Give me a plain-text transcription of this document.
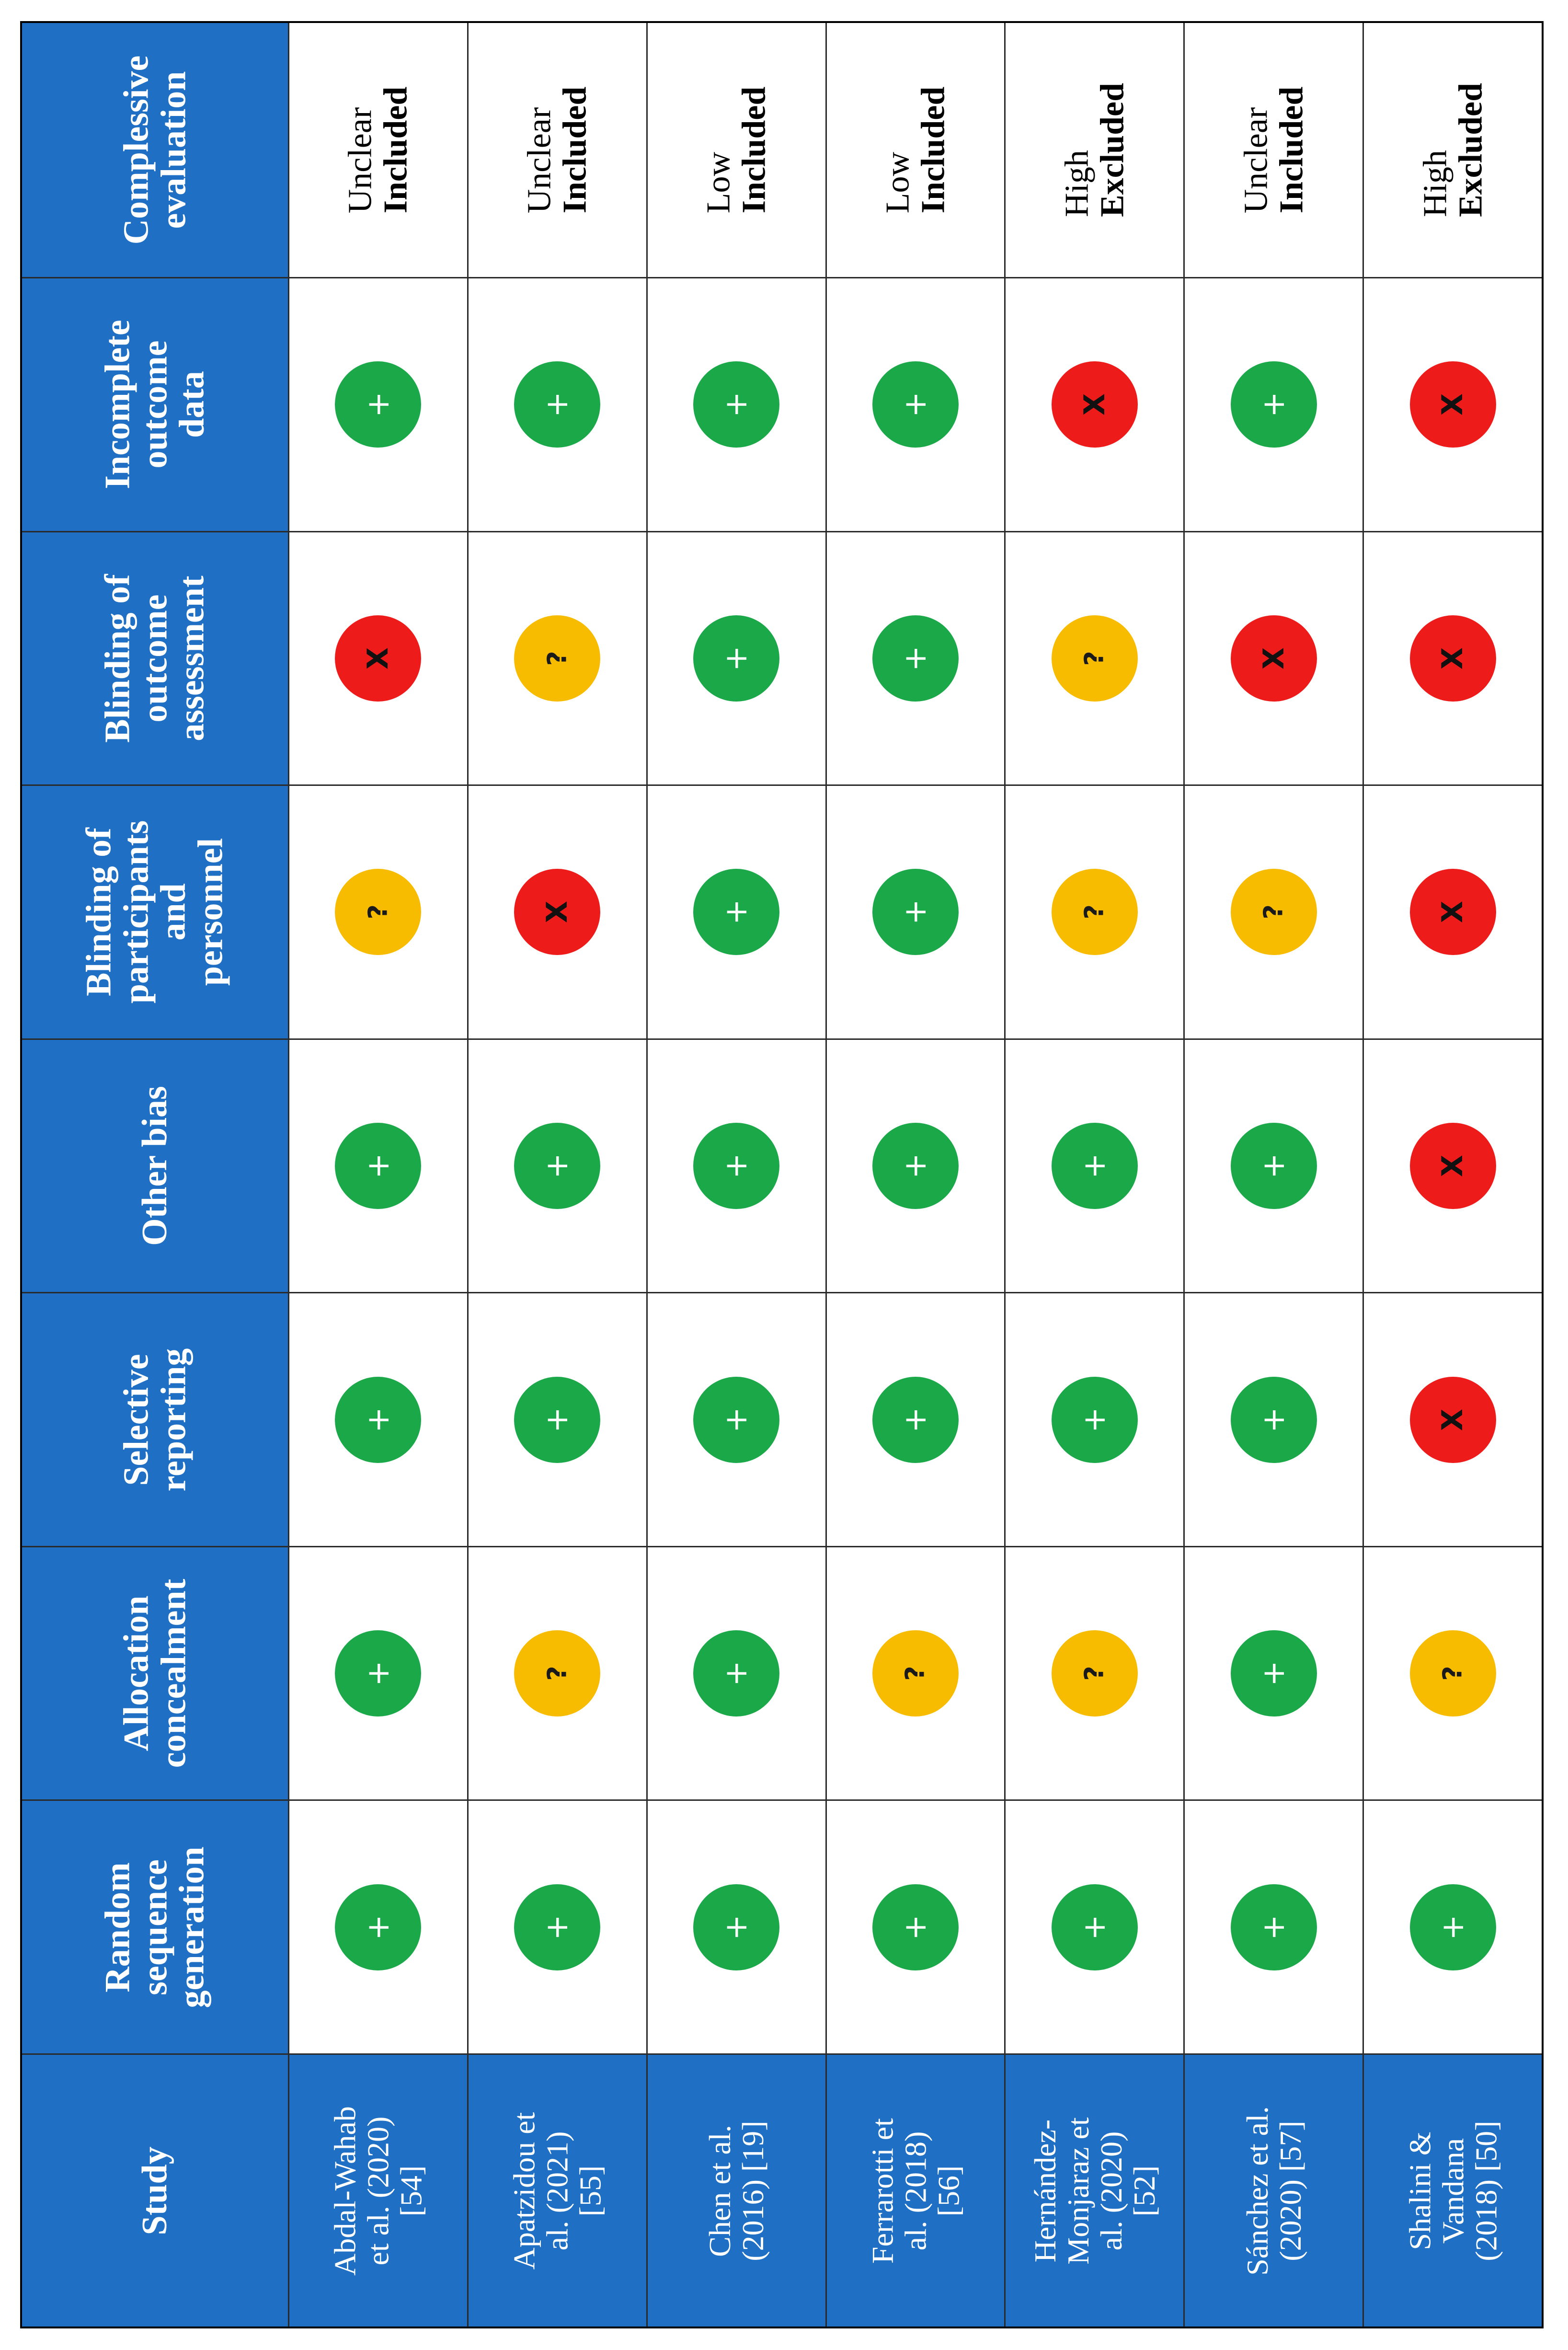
Random
sequence
generation
Allocation
concealment
Selective
reporting
Other bias
Blinding of
participants
and
personnel
Blinding of
outcome
assessment
Incomplete
outcome
data
Complessive
evaluation
Study
Unclear
Included
+
+
+
+
?
X
+
Abdal-Wahab
et al. (2020)
[54]
Unclear
Included
+
?
+
+
X
?
+
Apatzidou et
al. (2021)
[55]
Low
Included
+
+
+
+
+
+
+
Chen et al.
(2016) [19]
Low
Included
+
?
+
+
+
+
+
Ferrarotti et
al. (2018)
[56]
High
Excluded
+
?
+
+
?
?
X
Hernández-
Monjaraz et
al. (2020)
[52]
Unclear
Included
+
+
+
+
?
X
+
Sánchez et al.
(2020) [57]
High
Excluded
+
?
X
X
X
X
X
Shalini &
Vandana
(2018) [50]
